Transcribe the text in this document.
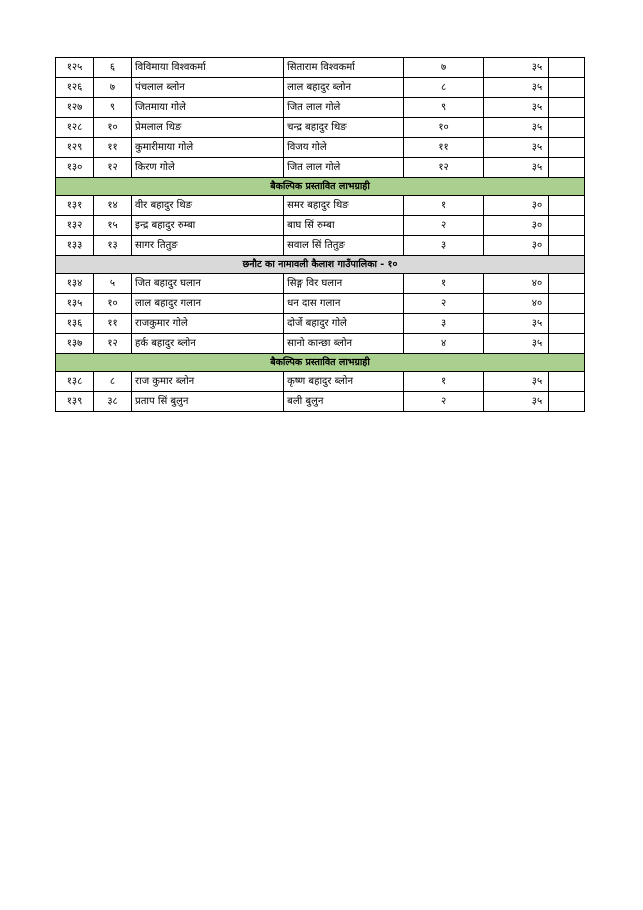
१२५	६	विविमाया विश्वकर्मा	सिताराम विश्वकर्मा	७	३५	
१२६	७	पंचलाल ब्लोन	लाल बहादुर ब्लोन	८	३५	
१२७	९	जितमाया गोले	जित लाल गोले	९	३५	
१२८	१०	प्रेमलाल थिङ	चन्द्र बहादुर थिङ	१०	३५	
१२९	११	कुमारीमाया गोले	विजय गोले	११	३५	
१३०	१२	किरण गोले	जित लाल गोले	१२	३५	
बैकल्पिक प्रस्तावित लाभग्राही						
१३१	१४	वीर बहादुर थिङ	समर बहादुर थिङ	१	३०	
१३२	१५	इन्द्र बहादुर रुम्बा	बाघ सिं रुम्बा	२	३०	
१३३	१३	सागर तितुङ	सवाल सिं तितुङ	३	३०	
छनौट का नामावली कैलाश गाउँपालिका - १०						
१३४	५	जित बहादुर घलान	सिङ्ग विर घलान	१	४०	
१३५	१०	लाल बहादुर गलान	धन दास गलान	२	४०	
१३६	११	राजकुमार गोले	दोर्जे बहादुर गोले	३	३५	
१३७	१२	हर्क बहादुर ब्लोन	सानो कान्छा ब्लोन	४	३५	
बैकल्पिक प्रस्तावित लाभग्राही						
१३८	८	राज कुमार ब्लोन	कृष्ण बहादुर ब्लोन	१	३५	
१३९	३८	प्रताप सिं बुलुन	बली बुलुन	२	३५	
